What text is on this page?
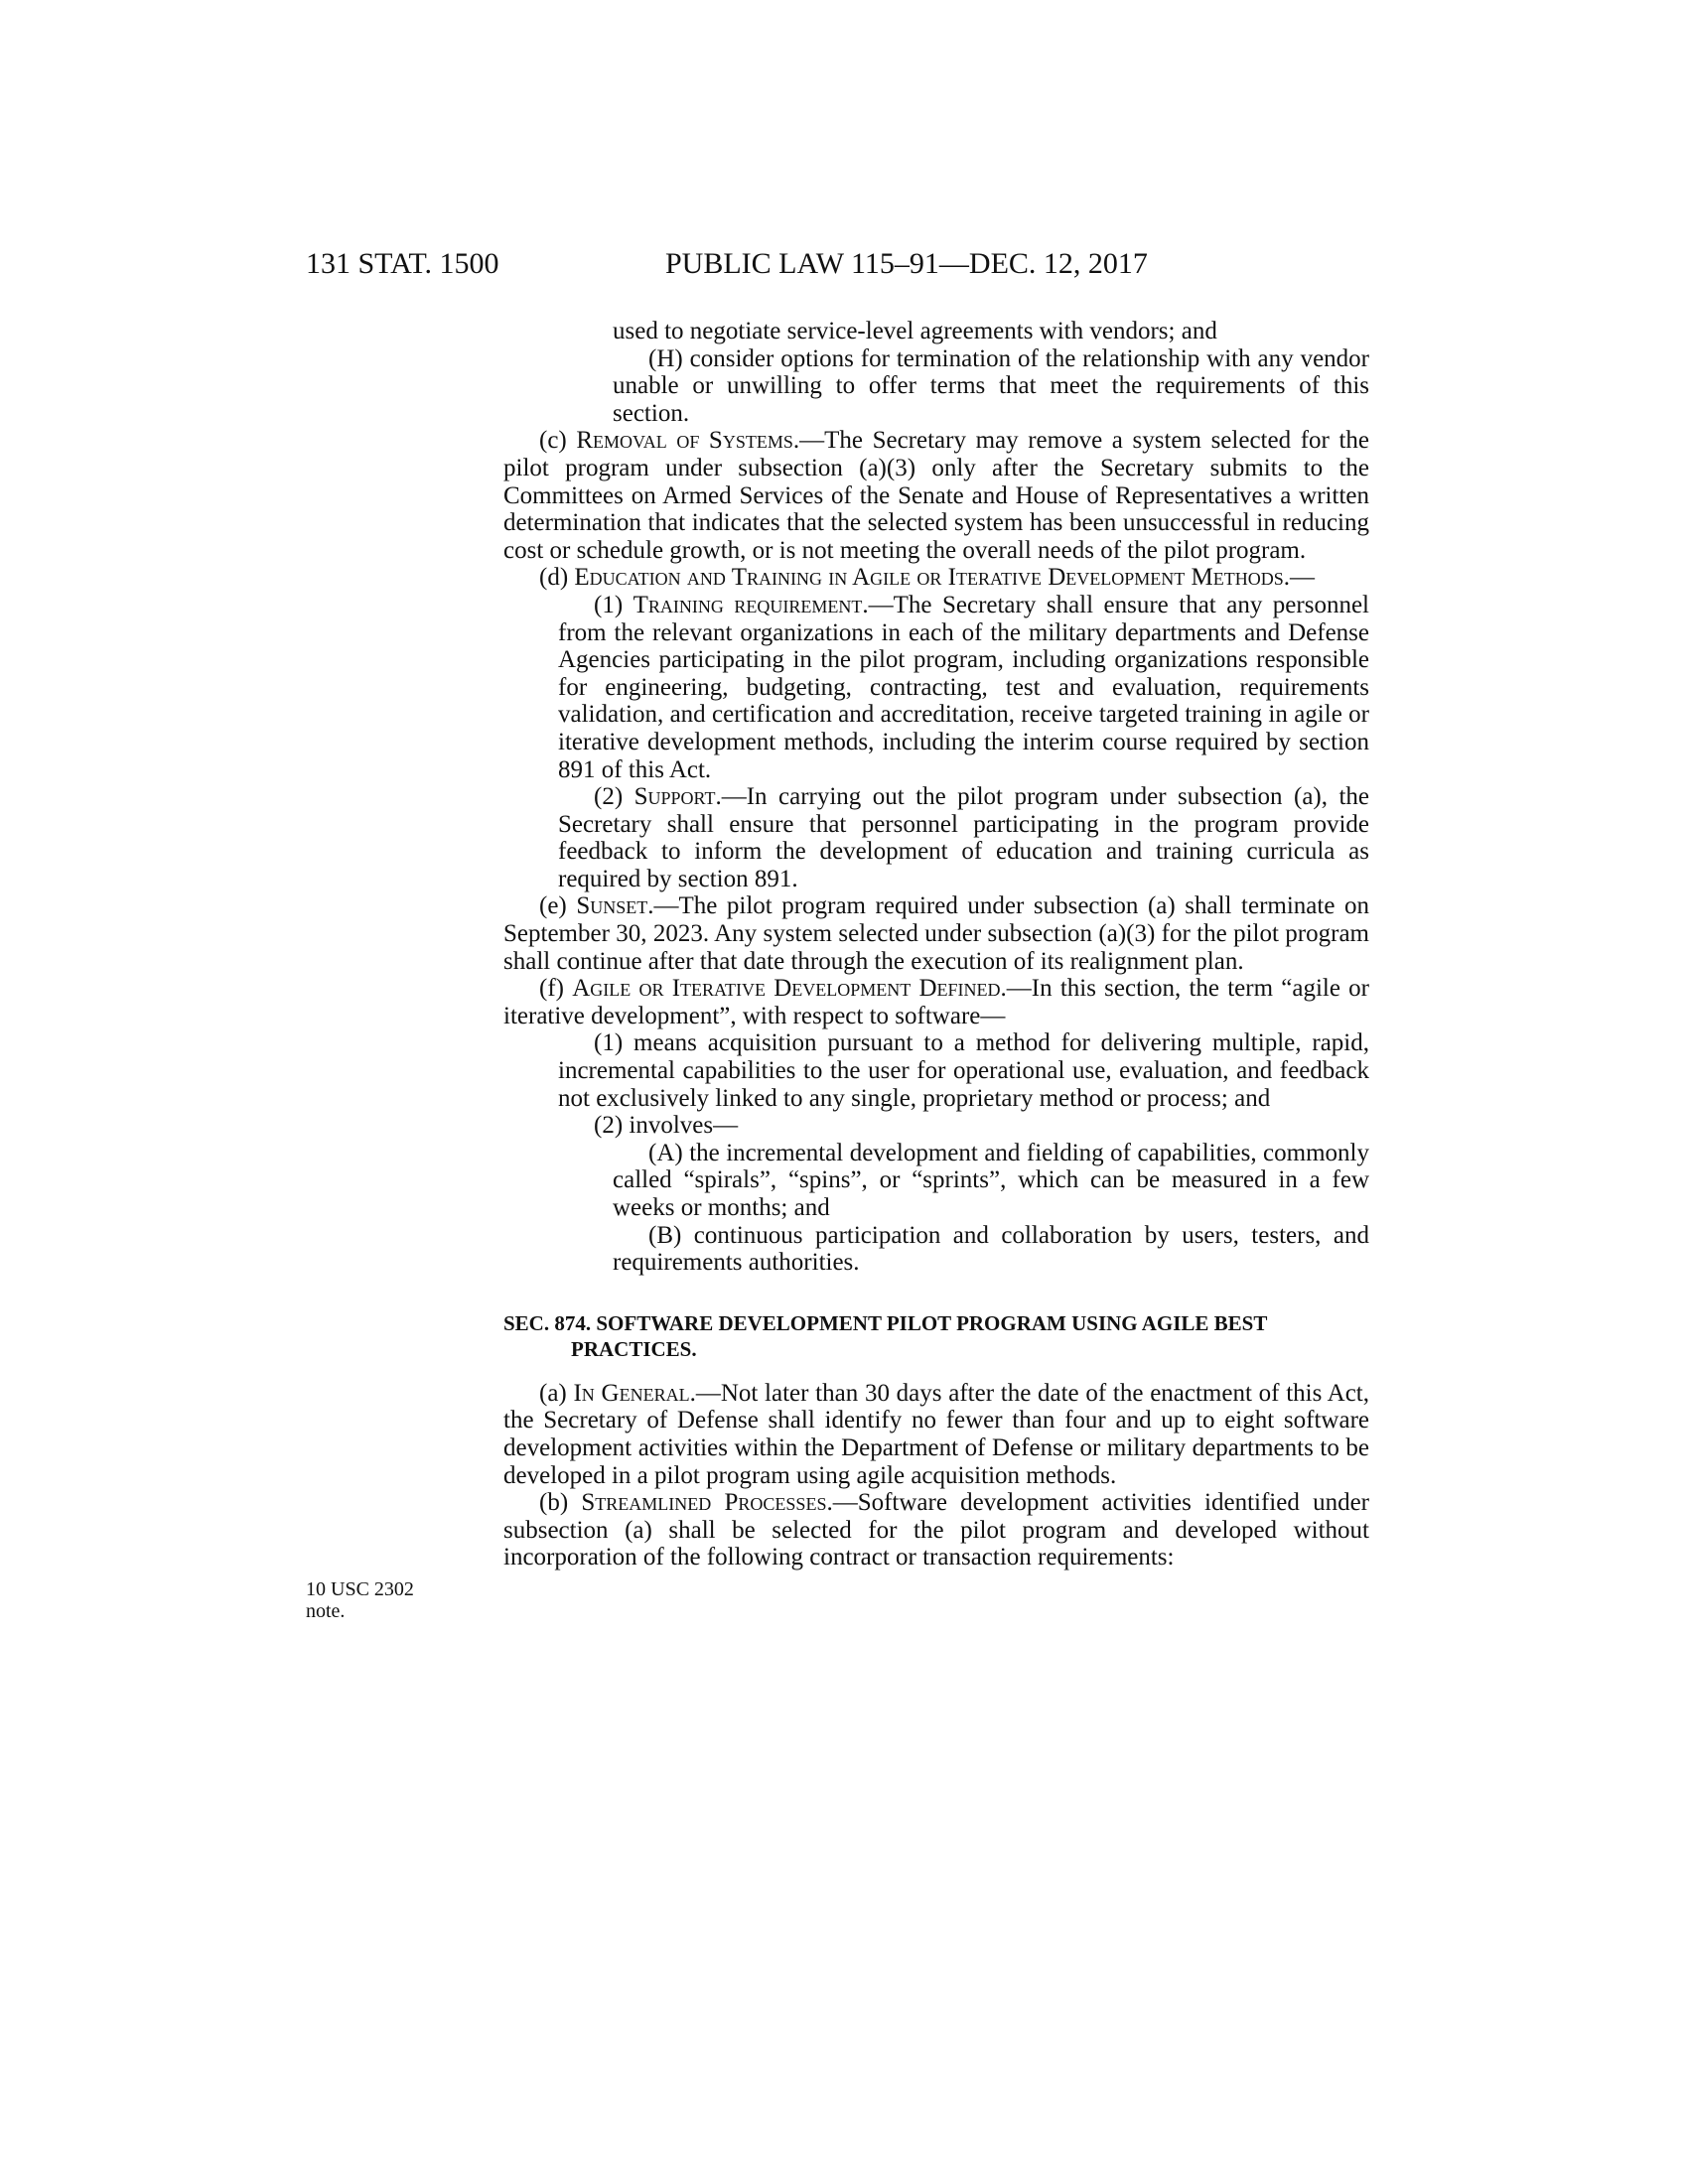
131 STAT. 1500	PUBLIC LAW 115–91—DEC. 12, 2017
10 USC 2302
note.

used to negotiate service-level agreements with vendors; and

(H) consider options for termination of the relationship with any vendor unable or unwilling to offer terms that meet the requirements of this section.

(c) Removal of Systems.—The Secretary may remove a system selected for the pilot program under subsection (a)(3) only after the Secretary submits to the Committees on Armed Services of the Senate and House of Representatives a written determination that indicates that the selected system has been unsuccessful in reducing cost or schedule growth, or is not meeting the overall needs of the pilot program.

(d) Education and Training in Agile or Iterative Development Methods.—

(1) Training requirement.—The Secretary shall ensure that any personnel from the relevant organizations in each of the military departments and Defense Agencies participating in the pilot program, including organizations responsible for engineering, budgeting, contracting, test and evaluation, requirements validation, and certification and accreditation, receive targeted training in agile or iterative development methods, including the interim course required by section 891 of this Act.

(2) Support.—In carrying out the pilot program under subsection (a), the Secretary shall ensure that personnel participating in the program provide feedback to inform the development of education and training curricula as required by section 891.

(e) Sunset.—The pilot program required under subsection (a) shall terminate on September 30, 2023. Any system selected under subsection (a)(3) for the pilot program shall continue after that date through the execution of its realignment plan.

(f) Agile or Iterative Development Defined.—In this section, the term “agile or iterative development”, with respect to software—

(1) means acquisition pursuant to a method for delivering multiple, rapid, incremental capabilities to the user for operational use, evaluation, and feedback not exclusively linked to any single, proprietary method or process; and

(2) involves—

(A) the incremental development and fielding of capabilities, commonly called “spirals”, “spins”, or “sprints”, which can be measured in a few weeks or months; and

(B) continuous participation and collaboration by users, testers, and requirements authorities.

SEC. 874. SOFTWARE DEVELOPMENT PILOT PROGRAM USING AGILE BEST PRACTICES.

(a) In General.—Not later than 30 days after the date of the enactment of this Act, the Secretary of Defense shall identify no fewer than four and up to eight software development activities within the Department of Defense or military departments to be developed in a pilot program using agile acquisition methods.

(b) Streamlined Processes.—Software development activities identified under subsection (a) shall be selected for the pilot program and developed without incorporation of the following contract or transaction requirements:
